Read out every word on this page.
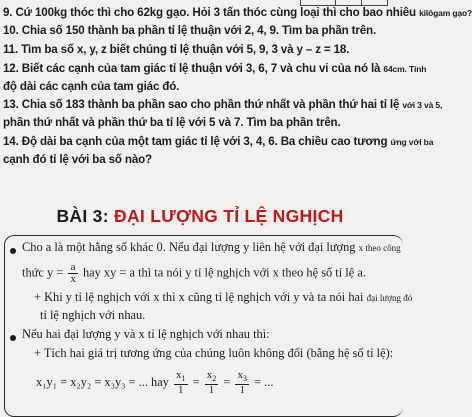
9. Cứ 100kg thóc thì cho 62kg gạo. Hỏi 3 tấn thóc cùng loại thì cho bao nhiêu kilôgam gạo?
10. Chia số 150 thành ba phần tỉ lệ thuận với 2, 4, 9. Tìm ba phần trên.
11. Tìm ba số x, y, z biết chúng tỉ lệ thuận với 5, 9, 3 và y – z = 18.
12. Biết các cạnh của tam giác tỉ lệ thuận với 3, 6, 7 và chu vi của nó là 64cm. Tính
độ dài các cạnh của tam giác đó.
13. Chia số 183 thành ba phần sao cho phần thứ nhất và phần thứ hai tỉ lệ với 3 và 5,
phần thứ nhất và phần thứ ba tỉ lệ với 5 và 7. Tìm ba phần trên.
14. Độ dài ba cạnh của một tam giác tỉ lệ với 3, 4, 6. Ba chiều cao tương ứng với ba
cạnh đó tỉ lệ với ba số nào?
BÀI 3: ĐẠI LƯỢNG TỈ LỆ NGHỊCH
Cho a là một hằng số khác 0. Nếu đại lượng y liên hệ với đại lượng x theo công
thức $y = \frac{a}{x}$ hay xy = a thì ta nói y tỉ lệ nghịch với x theo hệ số tỉ lệ a.
+ Khi y tỉ lệ nghịch với x thì x cũng tỉ lệ nghịch với y và ta nói hai đại lượng đó
tỉ lệ nghịch với nhau.
Nếu hai đại lượng y và x tỉ lệ nghịch với nhau thì:
+ Tích hai giá trị tương ứng của chúng luôn không đổi (bằng hệ số tỉ lệ):
x₁y₁ = x₂y₂ = x₃y₃ = ... hay $\frac{x_1}{1} = \frac{x_2}{1} = \frac{x_3}{1}$ = ...
